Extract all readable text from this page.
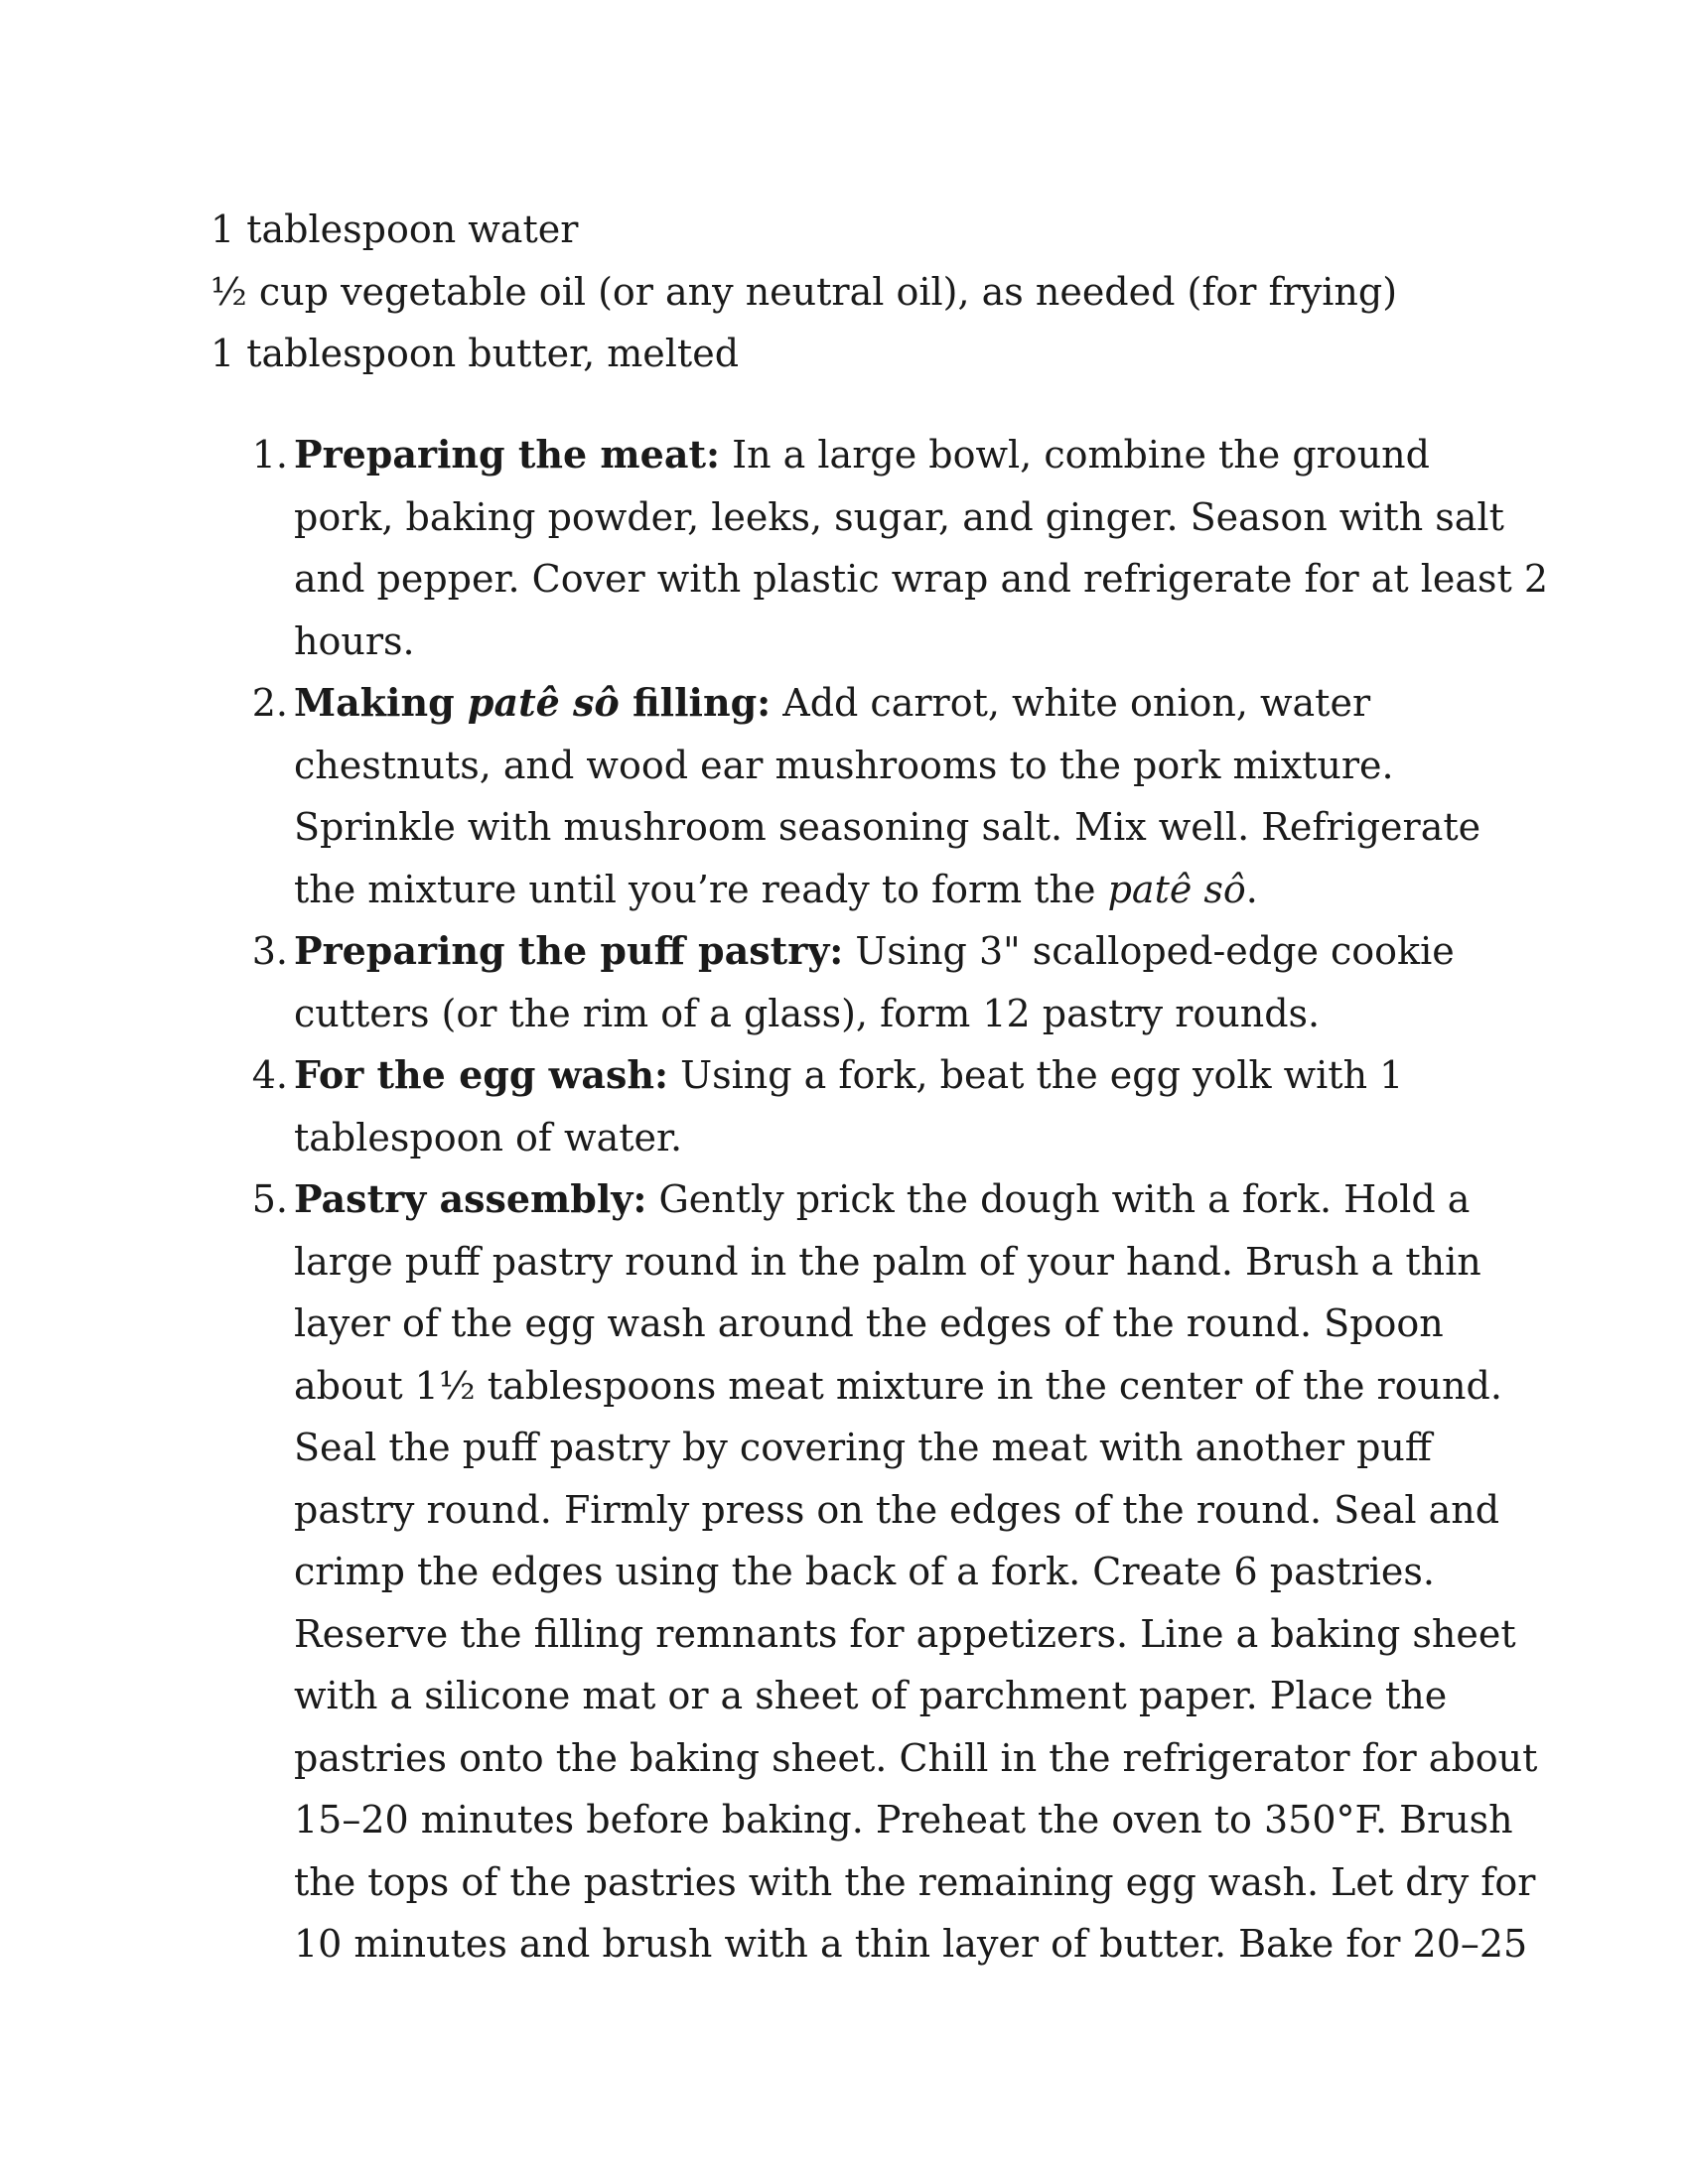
1 tablespoon water
½ cup vegetable oil (or any neutral oil), as needed (for frying)
1 tablespoon butter, melted
1. Preparing the meat: In a large bowl, combine the ground
pork, baking powder, leeks, sugar, and ginger. Season with salt
and pepper. Cover with plastic wrap and refrigerate for at least 2
hours.
2. Making patê sô filling: Add carrot, white onion, water
chestnuts, and wood ear mushrooms to the pork mixture.
Sprinkle with mushroom seasoning salt. Mix well. Refrigerate
the mixture until you’re ready to form the patê sô.
3. Preparing the puff pastry: Using 3" scalloped-edge cookie
cutters (or the rim of a glass), form 12 pastry rounds.
4. For the egg wash: Using a fork, beat the egg yolk with 1
tablespoon of water.
5. Pastry assembly: Gently prick the dough with a fork. Hold a
large puff pastry round in the palm of your hand. Brush a thin
layer of the egg wash around the edges of the round. Spoon
about 1½ tablespoons meat mixture in the center of the round.
Seal the puff pastry by covering the meat with another puff
pastry round. Firmly press on the edges of the round. Seal and
crimp the edges using the back of a fork. Create 6 pastries.
Reserve the filling remnants for appetizers. Line a baking sheet
with a silicone mat or a sheet of parchment paper. Place the
pastries onto the baking sheet. Chill in the refrigerator for about
15–20 minutes before baking. Preheat the oven to 350°F. Brush
the tops of the pastries with the remaining egg wash. Let dry for
10 minutes and brush with a thin layer of butter. Bake for 20–25
